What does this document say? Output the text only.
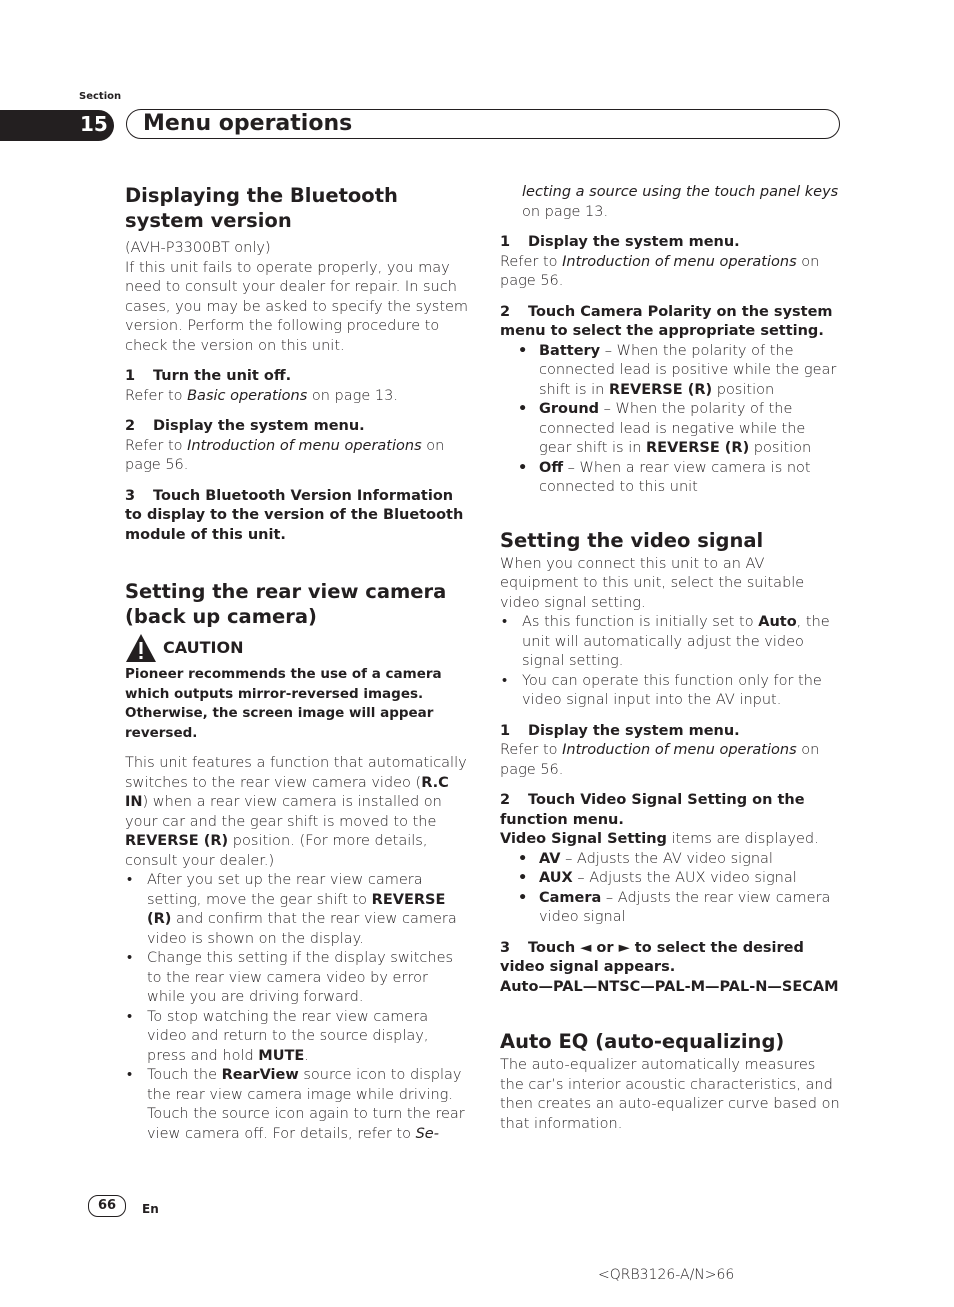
Section
15 Menu operations
Displaying the Bluetooth system version

(AVH-P3300BT only)

If this unit fails to operate properly, you may need to consult your dealer for repair. In such cases, you may be asked to specify the system version. Perform the following procedure to check the version on this unit.

1 Turn the unit off.

Refer to Basic operations on page 13.

2 Display the system menu.

Refer to Introduction of menu operations on page 56.

3 Touch Bluetooth Version Information to display to the version of the Bluetooth module of this unit.
Setting the rear view camera (back up camera)
CAUTION

Pioneer recommends the use of a camera which outputs mirror-reversed images. Otherwise, the screen image will appear reversed.

This unit features a function that automatically switches to the rear view camera video (R.C IN) when a rear view camera is installed on your car and the gear shift is moved to the REVERSE (R) position. (For more details, consult your dealer.)

• After you set up the rear view camera setting, move the gear shift to REVERSE (R) and confirm that the rear view camera video is shown on the display.
• Change this setting if the display switches to the rear view camera video by error while you are driving forward.
• To stop watching the rear view camera video and return to the source display, press and hold MUTE.
• Touch the RearView source icon to display the rear view camera image while driving. Touch the source icon again to turn the rear view camera off. For details, refer to Se-

lecting a source using the touch panel keys on page 13.

1 Display the system menu.

Refer to Introduction of menu operations on page 56.

2 Touch Camera Polarity on the system menu to select the appropriate setting.
• Battery – When the polarity of the connected lead is positive while the gear shift is in REVERSE (R) position
• Ground – When the polarity of the connected lead is negative while the gear shift is in REVERSE (R) position
• Off – When a rear view camera is not connected to this unit
Setting the video signal

When you connect this unit to an AV equipment to this unit, select the suitable video signal setting.

• As this function is initially set to Auto, the unit will automatically adjust the video signal setting.
• You can operate this function only for the video signal input into the AV input.
1 Display the system menu.

Refer to Introduction of menu operations on page 56.

2 Touch Video Signal Setting on the function menu.

Video Signal Setting items are displayed.

• AV – Adjusts the AV video signal
• AUX – Adjusts the AUX video signal
• Camera – Adjusts the rear view camera video signal
3 Touch ◄ or ► to select the desired video signal appears.

Auto—PAL—NTSC—PAL-M—PAL-N—SECAM

Auto EQ (auto-equalizing)

The auto-equalizer automatically measures the car’s interior acoustic characteristics, and then creates an auto-equalizer curve based on that information.

66	En
<QRB3126-A/N>66
